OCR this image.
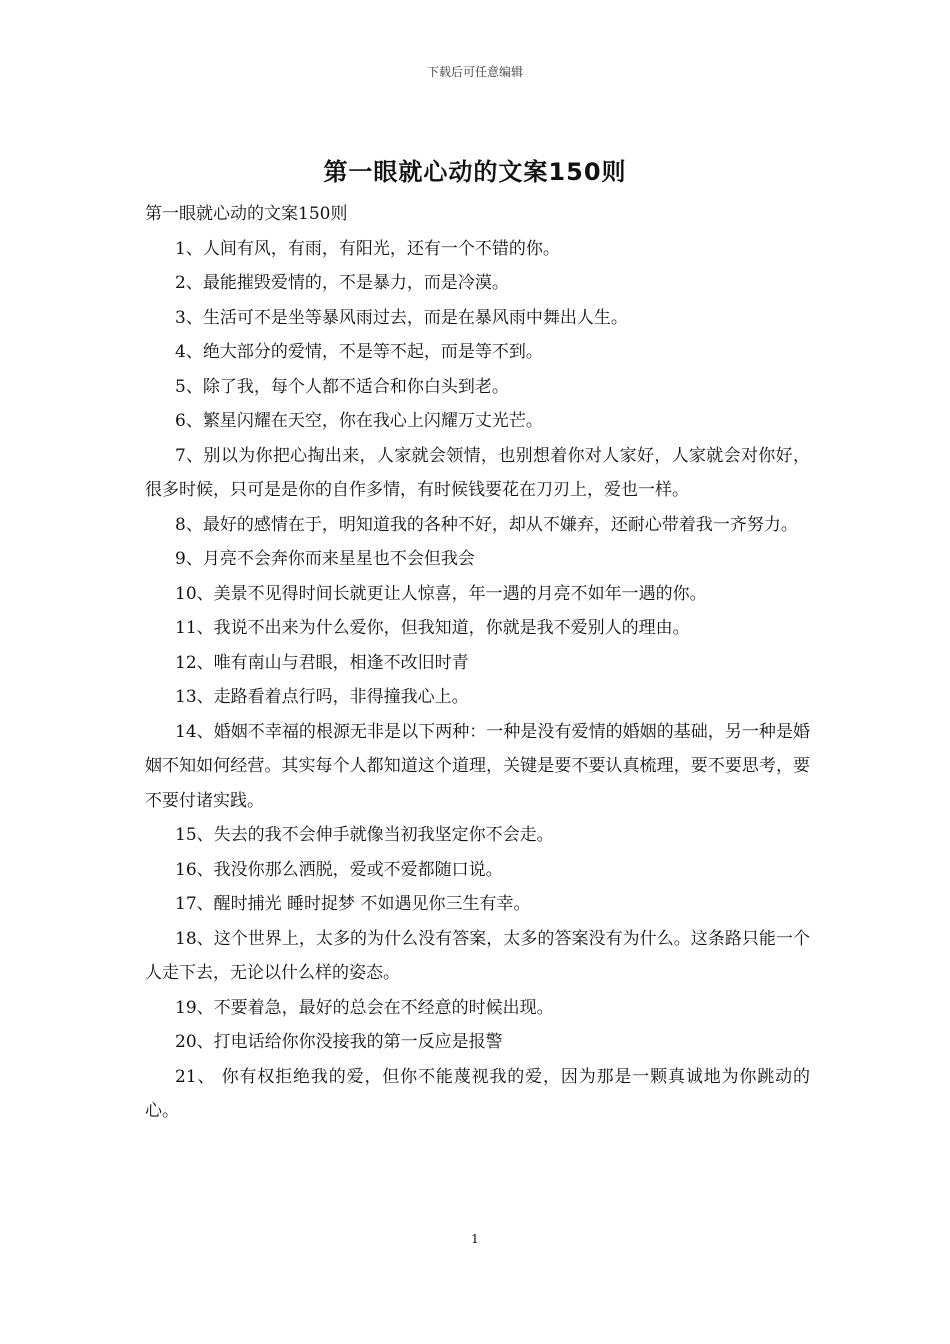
下载后可任意编辑
第一眼就心动的文案150则

第一眼就心动的文案150则

1、人间有风，有雨，有阳光，还有一个不错的你。

2、最能摧毁爱情的，不是暴力，而是冷漠。

3、生活可不是坐等暴风雨过去，而是在暴风雨中舞出人生。

4、绝大部分的爱情，不是等不起，而是等不到。

5、除了我，每个人都不适合和你白头到老。

6、繁星闪耀在天空，你在我心上闪耀万丈光芒。

7、别以为你把心掏出来，人家就会领情，也别想着你对人家好，人家就会对你好，很多时候，只可是是你的自作多情，有时候钱要花在刀刃上，爱也一样。

8、最好的感情在于，明知道我的各种不好，却从不嫌弃，还耐心带着我一齐努力。

9、月亮不会奔你而来星星也不会但我会

10、美景不见得时间长就更让人惊喜，年一遇的月亮不如年一遇的你。

11、我说不出来为什么爱你，但我知道，你就是我不爱别人的理由。

12、唯有南山与君眼，相逢不改旧时青

13、走路看着点行吗，非得撞我心上。

14、婚姻不幸福的根源无非是以下两种：一种是没有爱情的婚姻的基础，另一种是婚姻不知如何经营。其实每个人都知道这个道理，关键是要不要认真梳理，要不要思考，要不要付诸实践。

15、失去的我不会伸手就像当初我坚定你不会走。

16、我没你那么洒脱，爱或不爱都随口说。

17、醒时捕光 睡时捉梦 不如遇见你三生有幸。

18、这个世界上，太多的为什么没有答案，太多的答案没有为什么。这条路只能一个人走下去，无论以什么样的姿态。

19、不要着急，最好的总会在不经意的时候出现。

20、打电话给你你没接我的第一反应是报警

21、 你有权拒绝我的爱，但你不能蔑视我的爱，因为那是一颗真诚地为你跳动的心。

1
